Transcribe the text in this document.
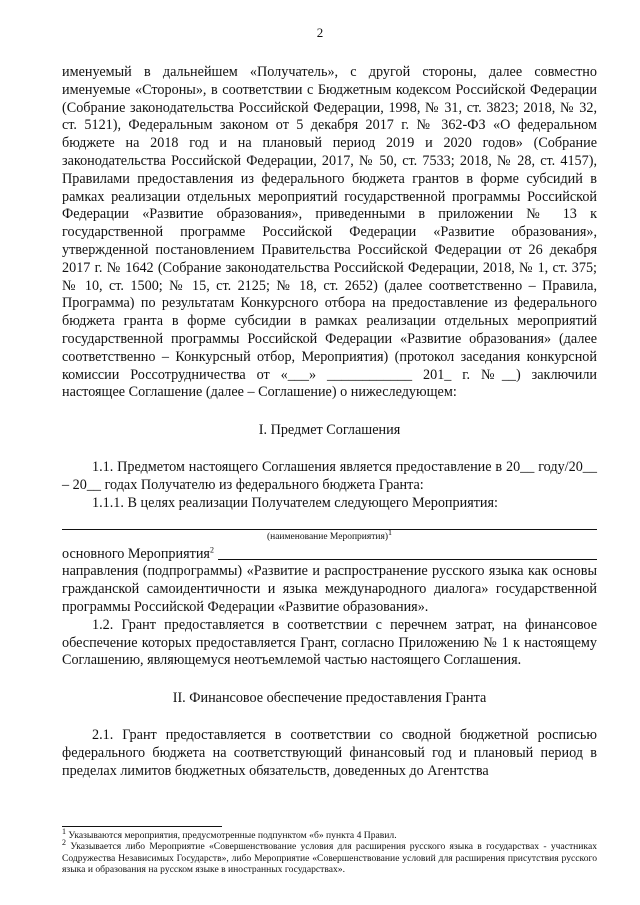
2

именуемый в дальнейшем «Получатель», с другой стороны, далее совместно именуемые «Стороны», в соответствии с Бюджетным кодексом Российской Федерации (Собрание законодательства Российской Федерации, 1998, № 31, ст. 3823; 2018, № 32, ст. 5121), Федеральным законом от 5 декабря 2017 г. № 362-ФЗ «О федеральном бюджете на 2018 год и на плановый период 2019 и 2020 годов» (Собрание законодательства Российской Федерации, 2017, № 50, ст. 7533; 2018, № 28, ст. 4157), Правилами предоставления из федерального бюджета грантов в форме субсидий в рамках реализации отдельных мероприятий государственной программы Российской Федерации «Развитие образования», приведенными в приложении № 13 к государственной программе Российской Федерации «Развитие образования», утвержденной постановлением Правительства Российской Федерации от 26 декабря 2017 г. № 1642 (Собрание законодательства Российской Федерации, 2018, № 1, ст. 375; № 10, ст. 1500; № 15, ст. 2125; № 18, ст. 2652) (далее соответственно – Правила, Программа) по результатам Конкурсного отбора на предоставление из федерального бюджета гранта в форме субсидии в рамках реализации отдельных мероприятий государственной программы Российской Федерации «Развитие образования» (далее соответственно – Конкурсный отбор, Мероприятия) (протокол заседания конкурсной комиссии Россотрудничества от «___» ____________ 201_ г. №__) заключили настоящее Соглашение (далее – Соглашение) о нижеследующем:

I. Предмет Соглашения

1.1. Предметом настоящего Соглашения является предоставление в 20__ году/20__ – 20__ годах Получателю из федерального бюджета Гранта:

1.1.1. В целях реализации Получателем следующего Мероприятия:

(наименование Мероприятия)$^1$
основного Мероприятия$^2$

направления (подпрограммы) «Развитие и распространение русского языка как основы гражданской самоидентичности и языка международного диалога» государственной программы Российской Федерации «Развитие образования».

1.2. Грант предоставляется в соответствии с перечнем затрат, на финансовое обеспечение которых предоставляется Грант, согласно Приложению № 1 к настоящему Соглашению, являющемуся неотъемлемой частью настоящего Соглашения.

II. Финансовое обеспечение предоставления Гранта

2.1. Грант предоставляется в соответствии со сводной бюджетной росписью федерального бюджета на соответствующий финансовый год и плановый период в пределах лимитов бюджетных обязательств, доведенных до Агентства

$^1$ Указываются мероприятия, предусмотренные подпунктом «б» пункта 4 Правил.

$^2$ Указывается либо Мероприятие «Совершенствование условия для расширения русского языка в государствах - участниках Содружества Независимых Государств», либо Мероприятие «Совершенствование условий для расширения присутствия русского языка и образования на русском языке в иностранных государствах».
